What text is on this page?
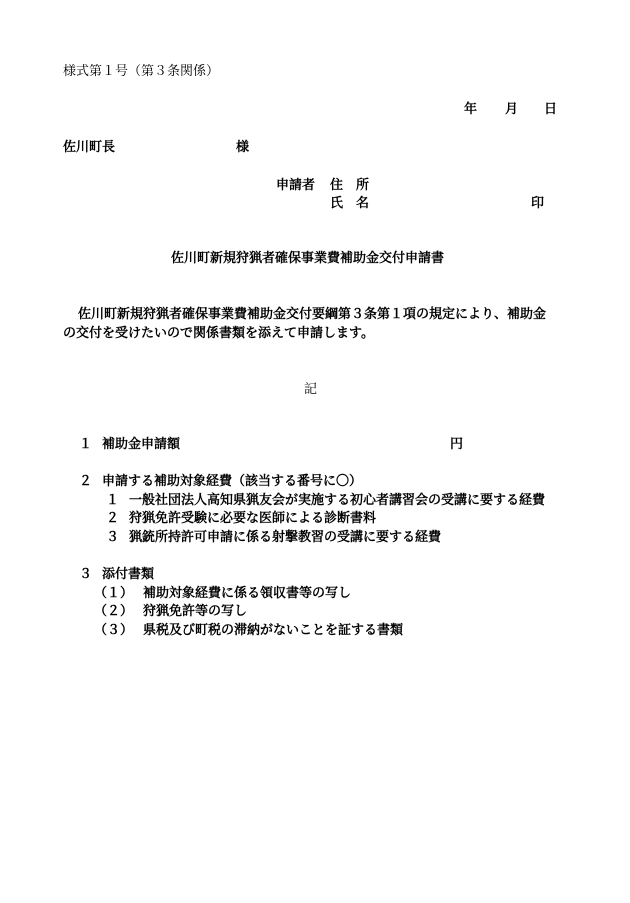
様式第１号（第３条関係）
年 月 日
佐川町長	様
申請者 住　所
氏　名	印
佐川町新規狩猟者確保事業費補助金交付申請書
佐川町新規狩猟者確保事業費補助金交付要綱第３条第１項の規定により、補助金
の交付を受けたいので関係書類を添えて申請します。
記
１ 補助金申請額	円
２ 申請する補助対象経費（該当する番号に〇）
１ 一般社団法人高知県猟友会が実施する初心者講習会の受講に要する経費
２ 狩猟免許受験に必要な医師による診断書料
３ 猟銃所持許可申請に係る射撃教習の受講に要する経費
３ 添付書類
（１） 補助対象経費に係る領収書等の写し
（２） 狩猟免許等の写し
（３） 県税及び町税の滞納がないことを証する書類
